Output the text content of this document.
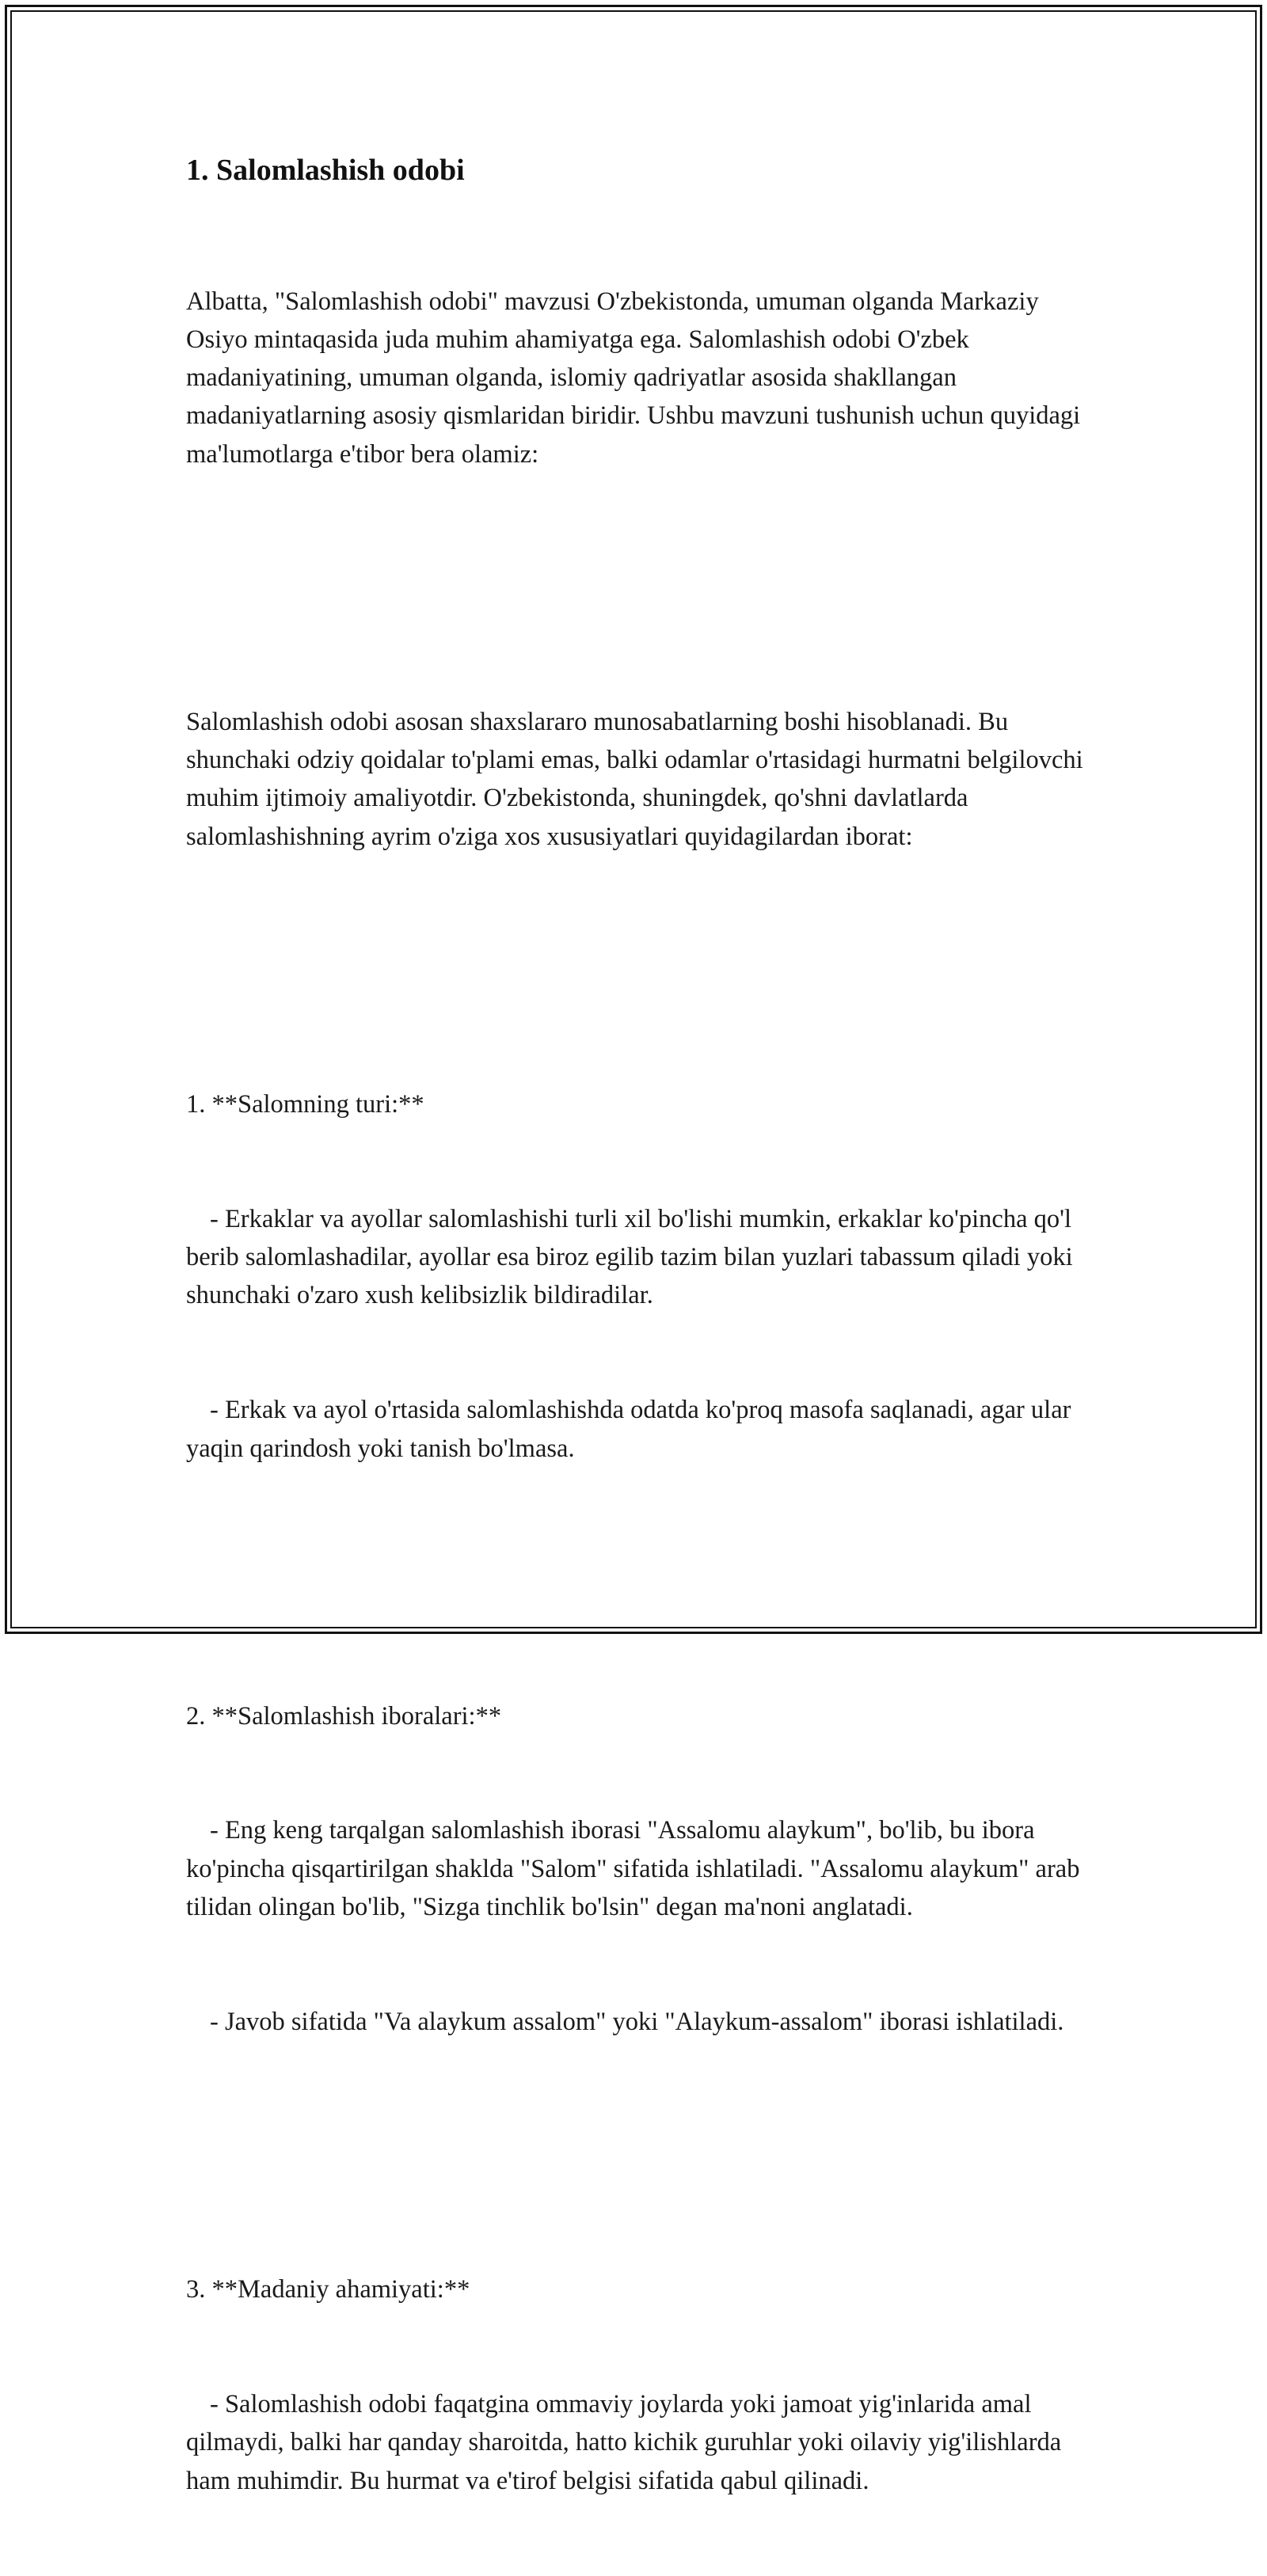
1. Salomlashish odobi

Albatta, "Salomlashish odobi" mavzusi O'zbekistonda, umuman olganda Markaziy Osiyo mintaqasida juda muhim ahamiyatga ega. Salomlashish odobi O'zbek madaniyatining, umuman olganda, islomiy qadriyatlar asosida shakllangan madaniyatlarning asosiy qismlaridan biridir. Ushbu mavzuni tushunish uchun quyidagi ma'lumotlarga e'tibor bera olamiz:

Salomlashish odobi asosan shaxslararo munosabatlarning boshi hisoblanadi. Bu shunchaki odziy qoidalar to'plami emas, balki odamlar o'rtasidagi hurmatni belgilovchi muhim ijtimoiy amaliyotdir. O'zbekistonda, shuningdek, qo'shni davlatlarda salomlashishning ayrim o'ziga xos xususiyatlari quyidagilardan iborat:

1. **Salomning turi:**

- Erkaklar va ayollar salomlashishi turli xil bo'lishi mumkin, erkaklar ko'pincha qo'l berib salomlashadilar, ayollar esa biroz egilib tazim bilan yuzlari tabassum qiladi yoki shunchaki o'zaro xush kelibsizlik bildiradilar.

- Erkak va ayol o'rtasida salomlashishda odatda ko'proq masofa saqlanadi, agar ular yaqin qarindosh yoki tanish bo'lmasa.

2. **Salomlashish iboralari:**

- Eng keng tarqalgan salomlashish iborasi "Assalomu alaykum", bo'lib, bu ibora ko'pincha qisqartirilgan shaklda "Salom" sifatida ishlatiladi. "Assalomu alaykum" arab tilidan olingan bo'lib, "Sizga tinchlik bo'lsin" degan ma'noni anglatadi.

- Javob sifatida "Va alaykum assalom" yoki "Alaykum-assalom" iborasi ishlatiladi.

3. **Madaniy ahamiyati:**

- Salomlashish odobi faqatgina ommaviy joylarda yoki jamoat yig'inlarida amal qilmaydi, balki har qanday sharoitda, hatto kichik guruhlar yoki oilaviy yig'ilishlarda ham muhimdir. Bu hurmat va e'tirof belgisi sifatida qabul qilinadi.
